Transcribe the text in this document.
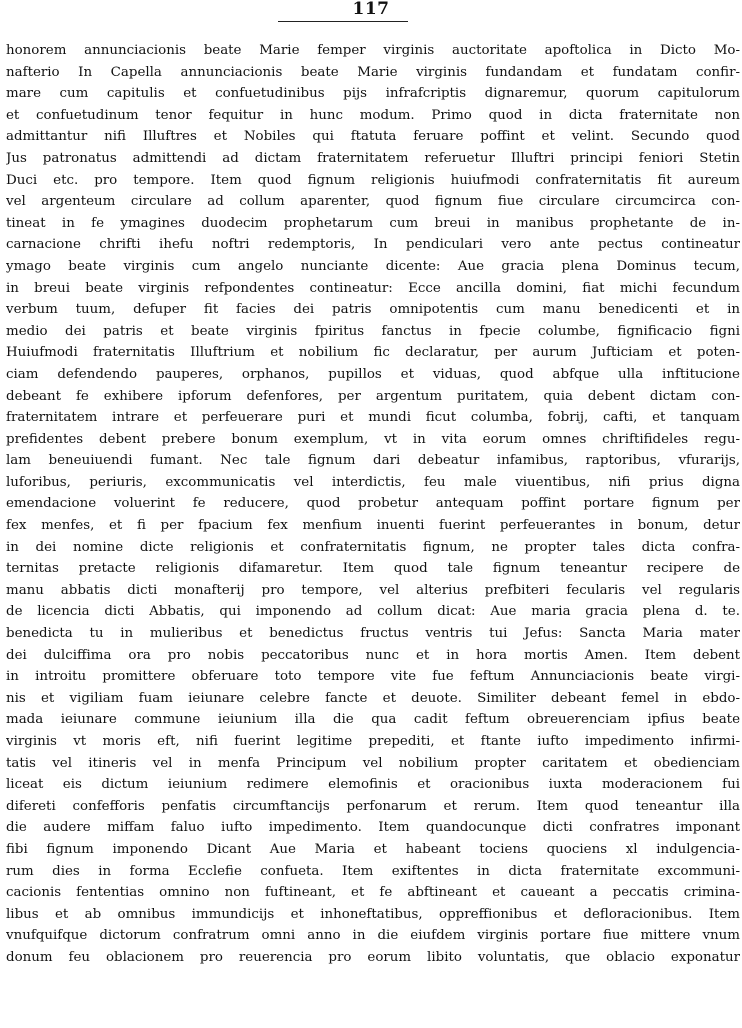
117
honorem annunciacionis beate Marie femper virginis auctoritate apoftolica in Dicto Mo-
nafterio In Capella annunciacionis beate Marie virginis fundandam et fundatam confir-
mare cum capitulis et confuetudinibus pijs infrafcriptis dignaremur, quorum capitulorum
et confuetudinum tenor fequitur in hunc modum. Primo quod in dicta fraternitate non
admittantur nifi Illuftres et Nobiles qui ftatuta feruare poffint et velint. Secundo quod
Jus patronatus admittendi ad dictam fraternitatem referuetur Illuftri principi feniori Stetin
Duci etc. pro tempore. Item quod fignum religionis huiufmodi confraternitatis fit aureum
vel argenteum circulare ad collum aparenter, quod fignum fiue circulare circumcirca con-
tineat in fe ymagines duodecim prophetarum cum breui in manibus prophetante de in-
carnacione chrifti ihefu noftri redemptoris, In pendiculari vero ante pectus contineatur
ymago beate virginis cum angelo nunciante dicente: Aue gracia plena Dominus tecum,
in breui beate virginis refpondentes contineatur: Ecce ancilla domini, fiat michi fecundum
verbum tuum, defuper fit facies dei patris omnipotentis cum manu benedicenti et in
medio dei patris et beate virginis fpiritus fanctus in fpecie columbe, fignificacio figni
Huiufmodi fraternitatis Illuftrium et nobilium fic declaratur, per aurum Jufticiam et poten-
ciam defendendo pauperes, orphanos, pupillos et viduas, quod abfque ulla inftitucione
debeant fe exhibere ipforum defenfores, per argentum puritatem, quia debent dictam con-
fraternitatem intrare et perfeuerare puri et mundi ficut columba, fobrij, cafti, et tanquam
prefidentes debent prebere bonum exemplum, vt in vita eorum omnes chriftifideles regu-
lam beneuiuendi fumant. Nec tale fignum dari debeatur infamibus, raptoribus, vfurarijs,
luforibus, periuris, excommunicatis vel interdictis, feu male viuentibus, nifi prius digna
emendacione voluerint fe reducere, quod probetur antequam poffint portare fignum per
fex menfes, et fi per fpacium fex menfium inuenti fuerint perfeuerantes in bonum, detur
in dei nomine dicte religionis et confraternitatis fignum, ne propter tales dicta confra-
ternitas pretacte religionis difamaretur. Item quod tale fignum teneantur recipere de
manu abbatis dicti monafterij pro tempore, vel alterius prefbiteri fecularis vel regularis
de licencia dicti Abbatis, qui imponendo ad collum dicat: Aue maria gracia plena d. te.
benedicta tu in mulieribus et benedictus fructus ventris tui Jefus: Sancta Maria mater
dei dulciffima ora pro nobis peccatoribus nunc et in hora mortis Amen. Item debent
in introitu promittere obferuare toto tempore vite fue feftum Annunciacionis beate virgi-
nis et vigiliam fuam ieiunare celebre fancte et deuote. Similiter debeant femel in ebdo-
mada ieiunare commune ieiunium illa die qua cadit feftum obreuerenciam ipfius beate
virginis vt moris eft, nifi fuerint legitime prepediti, et ftante iufto impedimento infirmi-
tatis vel itineris vel in menfa Principum vel nobilium propter caritatem et obedienciam
liceat eis dictum ieiunium redimere elemofinis et oracionibus iuxta moderacionem fui
difereti confefforis penfatis circumftancijs perfonarum et rerum. Item quod teneantur illa
die audere miffam faluo iufto impedimento. Item quandocunque dicti confratres imponant
fibi fignum imponendo Dicant Aue Maria et habeant tociens quociens xl indulgencia-
rum dies in forma Ecclefie confueta. Item exiftentes in dicta fraternitate excommuni-
cacionis fententias omnino non fuftineant, et fe abftineant et caueant a peccatis crimina-
libus et ab omnibus immundicijs et inhoneftatibus, oppreffionibus et defloracionibus. Item
vnufquifque dictorum confratrum omni anno in die eiufdem virginis portare fiue mittere vnum
donum feu oblacionem pro reuerencia pro eorum libito voluntatis, que oblacio exponatur
